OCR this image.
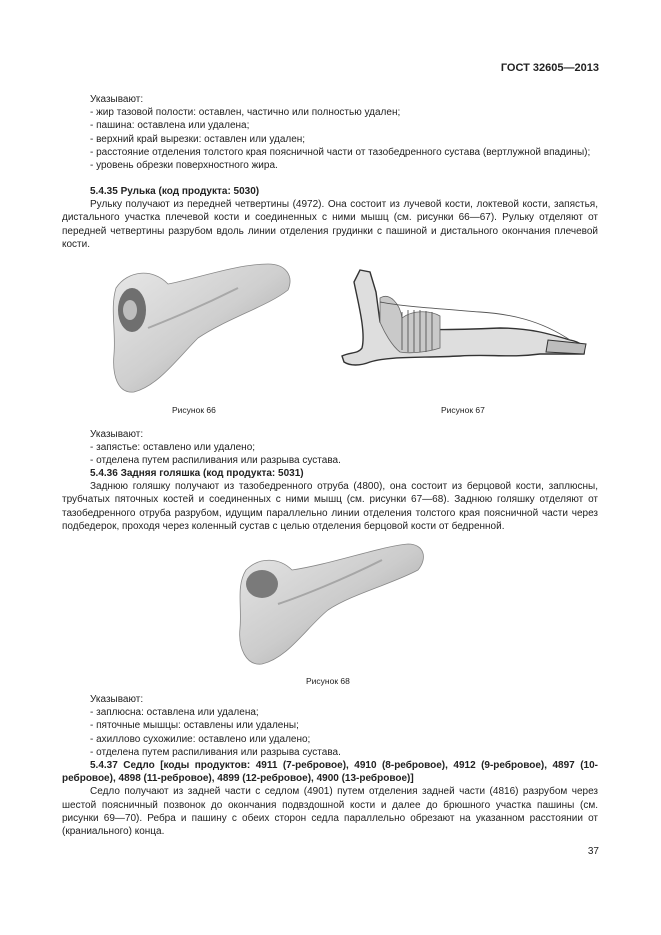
ГОСТ 32605—2013
Указывают:
- жир тазовой полости: оставлен, частично или полностью удален;
- пашина: оставлена или удалена;
- верхний край вырезки: оставлен или удален;
- расстояние отделения толстого края поясничной части от тазобедренного сустава (вертлужной впадины);
- уровень обрезки поверхностного жира.
5.4.35 Рулька (код продукта: 5030)
Рульку получают из передней четвертины (4972). Она состоит из лучевой кости, локтевой кости, запястья, дистального участка плечевой кости и соединенных с ними мышц (см. рисунки 66—67). Рульку отделяют от передней четвертины разрубом вдоль линии отделения грудинки с пашиной и дистального окончания плечевой кости.
Рисунок 66	Рисунок 67
Указывают:
- запястье: оставлено или удалено;
- отделена путем распиливания или разрыва сустава.
5.4.36 Задняя голяшка (код продукта: 5031)
Заднюю голяшку получают из тазобедренного отруба (4800), она состоит из берцовой кости, заплюсны, трубчатых пяточных костей и соединенных с ними мышц (см. рисунки 67—68). Заднюю голяшку отделяют от тазобедренного отруба разрубом, идущим параллельно линии отделения толстого края поясничной части через подбедерок, проходя через коленный сустав с целью отделения берцовой кости от бедренной.
Рисунок 68
Указывают:
- заплюсна: оставлена или удалена;
- пяточные мышцы: оставлены или удалены;
- ахиллово сухожилие: оставлено или удалено;
- отделена путем распиливания или разрыва сустава.
5.4.37 Седло [коды продуктов: 4911 (7-ребровое), 4910 (8-ребровое), 4912 (9-ребровое), 4897 (10-ребровое), 4898 (11-ребровое), 4899 (12-ребровое), 4900 (13-ребровое)]
Седло получают из задней части с седлом (4901) путем отделения задней части (4816) разрубом через шестой поясничный позвонок до окончания подвздошной кости и далее до брюшного участка пашины (см. рисунки 69—70). Ребра и пашину с обеих сторон седла параллельно обрезают на указанном расстоянии от (краниального) конца.
37
